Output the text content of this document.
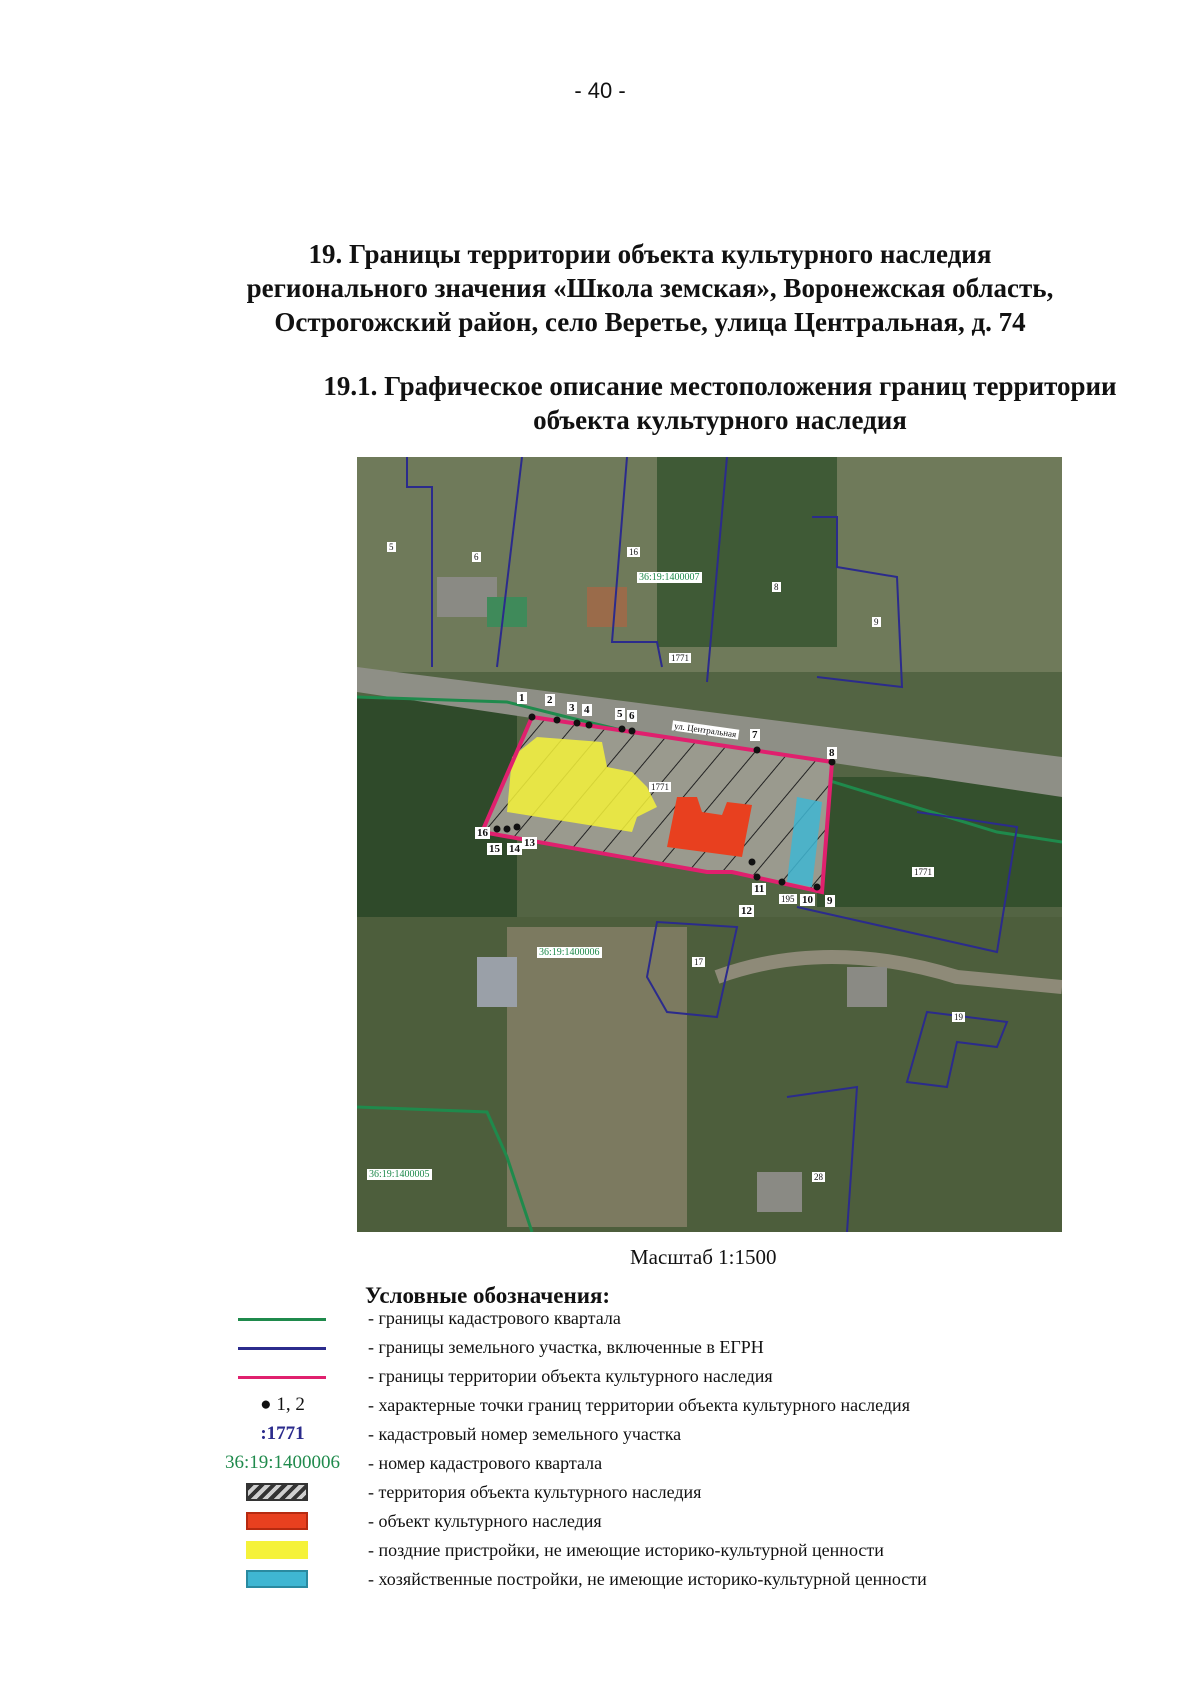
- 40 -
19. Границы территории объекта культурного наследия
регионального значения «Школа земская», Воронежская область,
Острогожский район, село Веретье, улица Центральная, д. 74
19.1. Графическое описание местоположения границ территории
объекта культурного наследия
36:19:1400007
36:19:1400006
36:19:1400005
ул. Центральная
5
6	16
8
9
1771
1771
1771
195
17
19
28
1 2
3 4	5 6
7
8
9
10
11
12
13
14
15
16
Масштаб 1:1500
Условные обозначения:
- границы кадастрового квартала
- границы земельного участка, включенные в ЕГРН
- границы территории объекта культурного наследия
● 1, 2	- характерные точки границ территории объекта культурного наследия
:1771	- кадастровый номер земельного участка
36:19:1400006	- номер кадастрового квартала
- территория объекта культурного наследия
- объект культурного наследия
- поздние пристройки, не имеющие историко-культурной ценности
- хозяйственные постройки, не имеющие историко-культурной ценности
